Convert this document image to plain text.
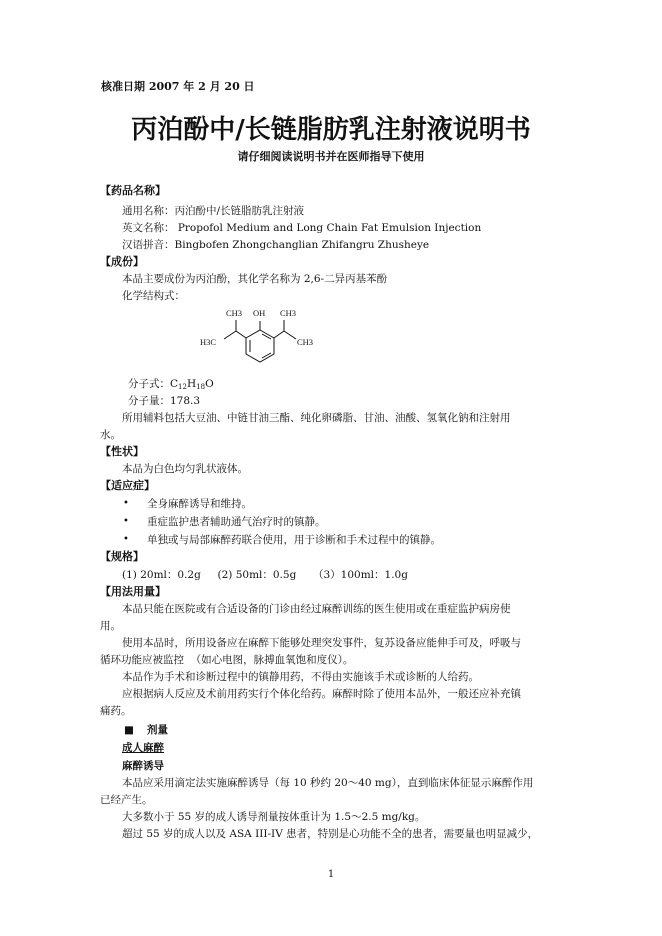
核准日期 2007 年 2 月 20 日
丙泊酚中/长链脂肪乳注射液说明书
请仔细阅读说明书并在医师指导下使用
【药品名称】
通用名称：丙泊酚中/长链脂肪乳注射液
英文名称： Propofol Medium and Long Chain Fat Emulsion Injection
汉语拼音：Bingbofen Zhongchanglian Zhifangru Zhusheye
【成份】
本品主要成份为丙泊酚，其化学名称为 2,6-二异丙基苯酚
化学结构式：
CH3 OH CH3
H3C	CH3
分子式：$C_{12}H_{18}O$
分子量：178.3
所用辅料包括大豆油、中链甘油三酯、纯化卵磷脂、甘油、油酸、氢氧化钠和注射用
水。
【性状】
本品为白色均匀乳状液体。
【适应症】
• 全身麻醉诱导和维持。
• 重症监护患者辅助通气治疗时的镇静。
• 单独或与局部麻醉药联合使用，用于诊断和手术过程中的镇静。
【规格】
(1) 20ml：0.2g     (2) 50ml：0.5g     （3）100ml：1.0g
【用法用量】
本品只能在医院或有合适设备的门诊由经过麻醉训练的医生使用或在重症监护病房使
用。
使用本品时，所用设备应在麻醉下能够处理突发事件，复苏设备应能伸手可及，呼吸与
循环功能应被监控  （如心电图，脉搏血氧饱和度仪）。
本品作为手术和诊断过程中的镇静用药，不得由实施该手术或诊断的人给药。
应根据病人反应及术前用药实行个体化给药。麻醉时除了使用本品外，一般还应补充镇
痛药。
■ 剂量
成人麻醉
麻醉诱导
本品应采用滴定法实施麻醉诱导（每 10 秒约 20～40 mg），直到临床体征显示麻醉作用
已经产生。
大多数小于 55 岁的成人诱导剂量按体重计为 1.5～2.5 mg/kg。
超过 55 岁的成人以及 ASA III-IV 患者，特别是心功能不全的患者，需要量也明显减少，
1
